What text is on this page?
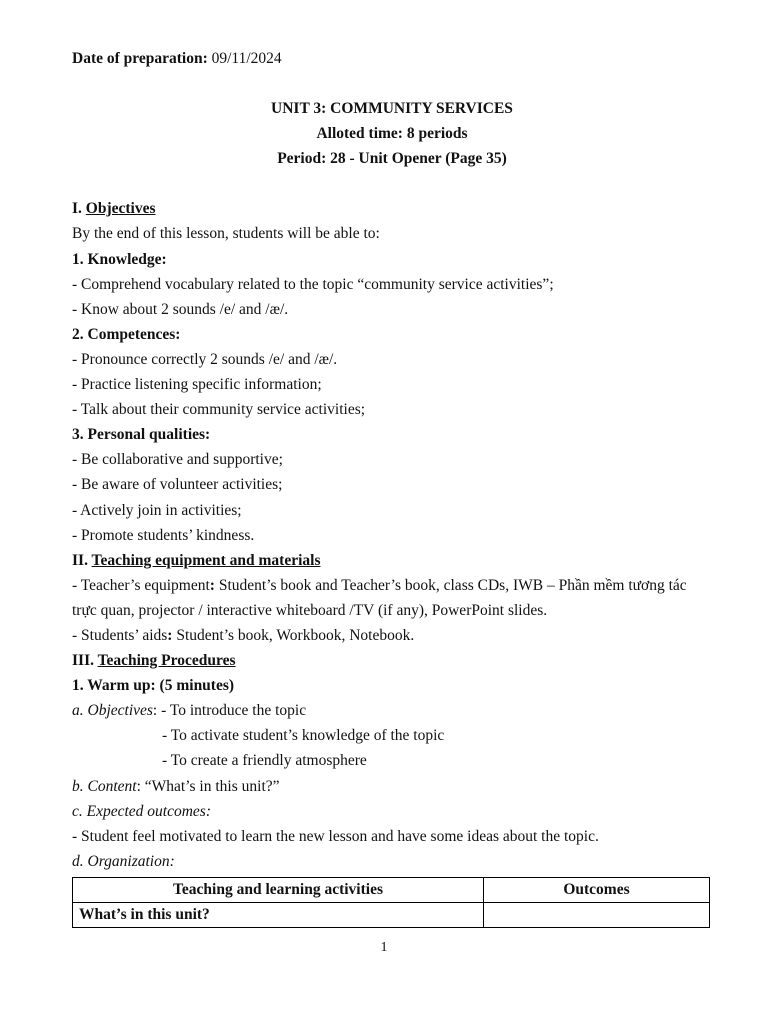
Date of preparation: 09/11/2024
UNIT 3: COMMUNITY SERVICES
Alloted time: 8 periods
Period: 28 - Unit Opener (Page 35)
I. Objectives
By the end of this lesson, students will be able to:
1. Knowledge:
- Comprehend vocabulary related to the topic “community service activities”;
- Know about 2 sounds /e/ and /æ/.
2. Competences:
- Pronounce correctly 2 sounds /e/ and /æ/.
- Practice listening specific information;
- Talk about their community service activities;
3. Personal qualities:
- Be collaborative and supportive;
- Be aware of volunteer activities;
- Actively join in activities;
- Promote students’ kindness.
II. Teaching equipment and materials
- Teacher’s equipment: Student’s book and Teacher’s book, class CDs, IWB – Phần mềm tương tác trực quan, projector / interactive whiteboard /TV (if any), PowerPoint slides.
- Students’ aids: Student’s book, Workbook, Notebook.
III. Teaching Procedures
1. Warm up: (5 minutes)
a. Objectives: - To introduce the topic
- To activate student’s knowledge of the topic
- To create a friendly atmosphere
b. Content: “What’s in this unit?”
c. Expected outcomes:
- Student feel motivated to learn the new lesson and have some ideas about the topic.
d. Organization:
Teaching and learning activities	Outcomes
What’s in this unit?	
1
